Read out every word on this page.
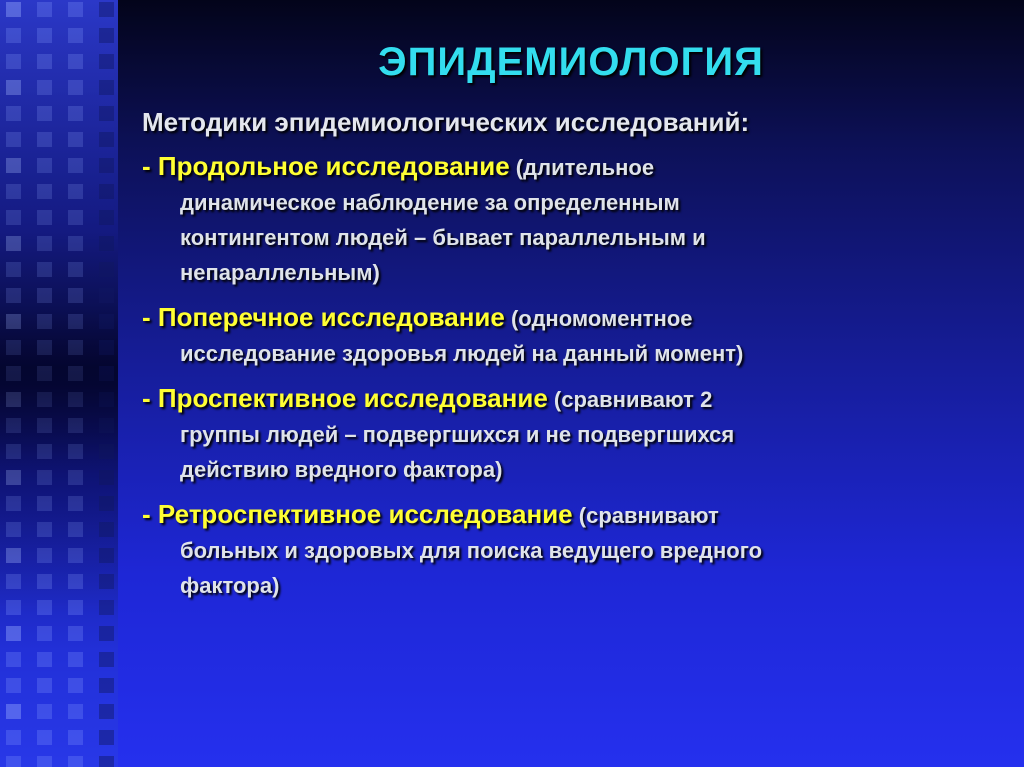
ЭПИДЕМИОЛОГИЯ
Методики эпидемиологических исследований:
- Продольное исследование (длительное
динамическое наблюдение за определенным
контингентом людей – бывает параллельным и
непараллельным)
- Поперечное исследование (одномоментное
исследование здоровья людей на данный момент)
- Проспективное исследование (сравнивают 2
группы людей – подвергшихся и не подвергшихся
действию вредного фактора)
- Ретроспективное исследование (сравнивают
больных и здоровых для поиска ведущего вредного
фактора)
